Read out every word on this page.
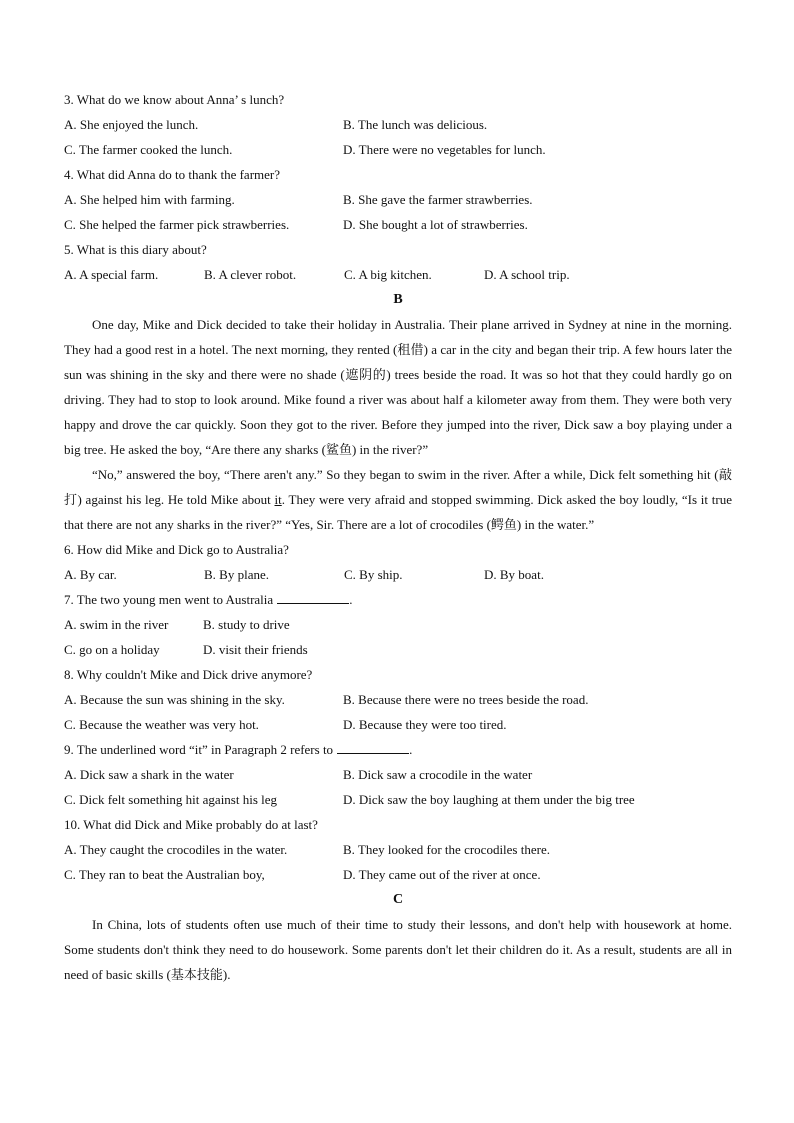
3. What do we know about Anna’ s lunch?
A. She enjoyed the lunch.	B. The lunch was delicious.
C. The farmer cooked the lunch.	D. There were no vegetables for lunch.
4. What did Anna do to thank the farmer?
A. She helped him with farming.	B. She gave the farmer strawberries.
C. She helped the farmer pick strawberries.	D. She bought a lot of strawberries.
5. What is this diary about?
A. A special farm.	B. A clever robot.	C. A big kitchen.	D. A school trip.
B

One day, Mike and Dick decided to take their holiday in Australia. Their plane arrived in Sydney at nine in the morning. They had a good rest in a hotel. The next morning, they rented (租借) a car in the city and began their trip. A few hours later the sun was shining in the sky and there were no shade (遮阴的) trees beside the road. It was so hot that they could hardly go on driving. They had to stop to look around. Mike found a river was about half a kilometer away from them. They were both very happy and drove the car quickly. Soon they got to the river. Before they jumped into the river, Dick saw a boy playing under a big tree. He asked the boy, “Are there any sharks (鲨鱼) in the river?”

“No,” answered the boy, “There aren't any.” So they began to swim in the river. After a while, Dick felt something hit (敲打) against his leg. He told Mike about it. They were very afraid and stopped swimming. Dick asked the boy loudly, “Is it true that there are not any sharks in the river?” “Yes, Sir. There are a lot of crocodiles (鳄鱼) in the water.”

6. How did Mike and Dick go to Australia?
A. By car.	B. By plane.	C. By ship.	D. By boat.
7. The two young men went to Australia	.
A. swim in the river	B. study to drive
C. go on a holiday	D. visit their friends
8. Why couldn't Mike and Dick drive anymore?
A. Because the sun was shining in the sky.	B. Because there were no trees beside the road.
C. Because the weather was very hot.	D. Because they were too tired.
9. The underlined word “it” in Paragraph 2 refers to	.
A. Dick saw a shark in the water	B. Dick saw a crocodile in the water
C. Dick felt something hit against his leg	D. Dick saw the boy laughing at them under the big tree
10. What did Dick and Mike probably do at last?
A. They caught the crocodiles in the water.	B. They looked for the crocodiles there.
C. They ran to beat the Australian boy,	D. They came out of the river at once.
C

In China, lots of students often use much of their time to study their lessons, and don't help with housework at home. Some students don't think they need to do housework. Some parents don't let their children do it. As a result, students are all in need of basic skills (基本技能).
